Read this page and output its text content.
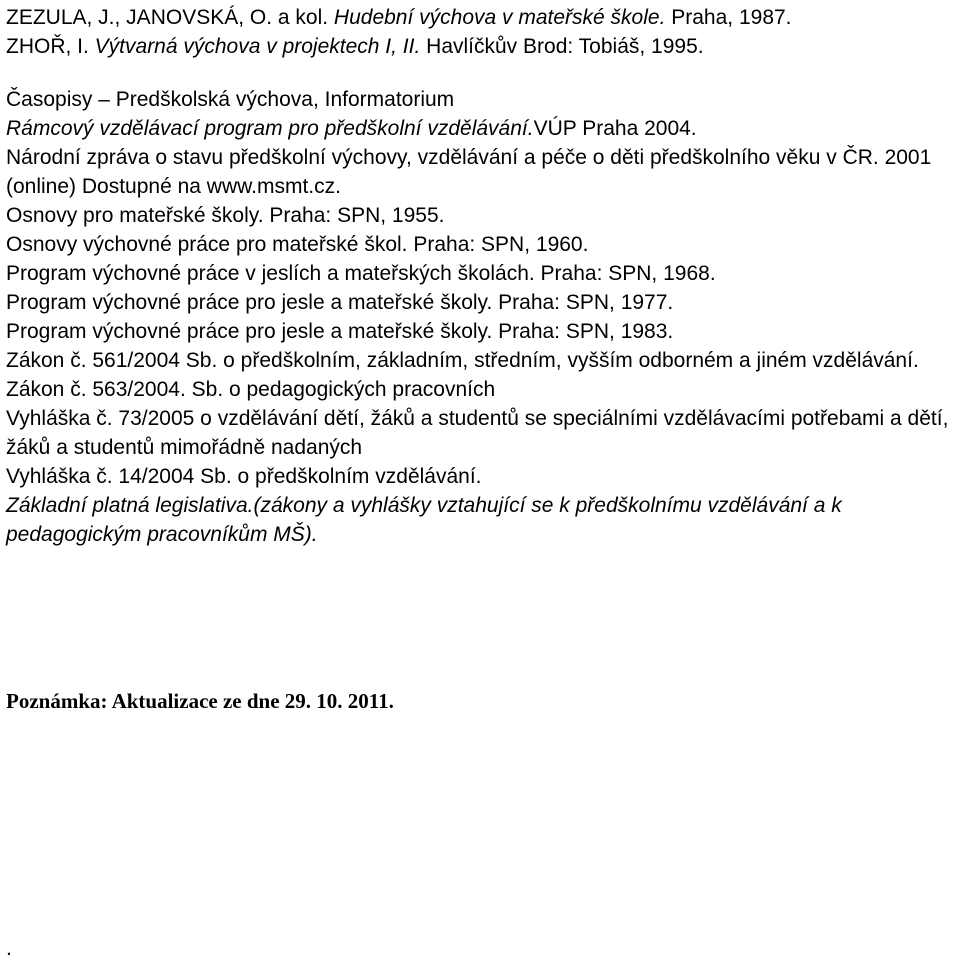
ZEZULA, J., JANOVSKÁ, O. a kol. Hudební výchova v mateřské škole. Praha, 1987.

ZHOŘ, I. Výtvarná výchova v projektech I, II. Havlíčkův Brod: Tobiáš, 1995.

Časopisy – Predškolská výchova, Informatorium

Rámcový vzdělávací program pro předškolní vzdělávání.VÚP Praha 2004.

Národní zpráva o stavu předškolní výchovy, vzdělávání a péče o děti předškolního věku v ČR. 2001 (online) Dostupné na www.msmt.cz.

Osnovy pro mateřské školy. Praha: SPN, 1955.

Osnovy výchovné práce pro mateřské škol. Praha: SPN, 1960.

Program výchovné práce v jeslích a mateřských školách. Praha: SPN, 1968.

Program výchovné práce pro jesle a mateřské školy. Praha: SPN, 1977.

Program výchovné práce pro jesle a mateřské školy. Praha: SPN, 1983.

Zákon č. 561/2004 Sb. o předškolním, základním, středním, vyšším odborném a jiném vzdělávání.

Zákon č. 563/2004. Sb. o pedagogických pracovních

Vyhláška č. 73/2005 o vzdělávání dětí, žáků a studentů se speciálními vzdělávacími potřebami a dětí, žáků a studentů mimořádně nadaných

Vyhláška č. 14/2004 Sb. o předškolním vzdělávání.

Základní platná legislativa.(zákony a vyhlášky vztahující se k předškolnímu vzdělávání a k pedagogickým pracovníkům MŠ).

Poznámka: Aktualizace ze dne 29. 10. 2011.
.
